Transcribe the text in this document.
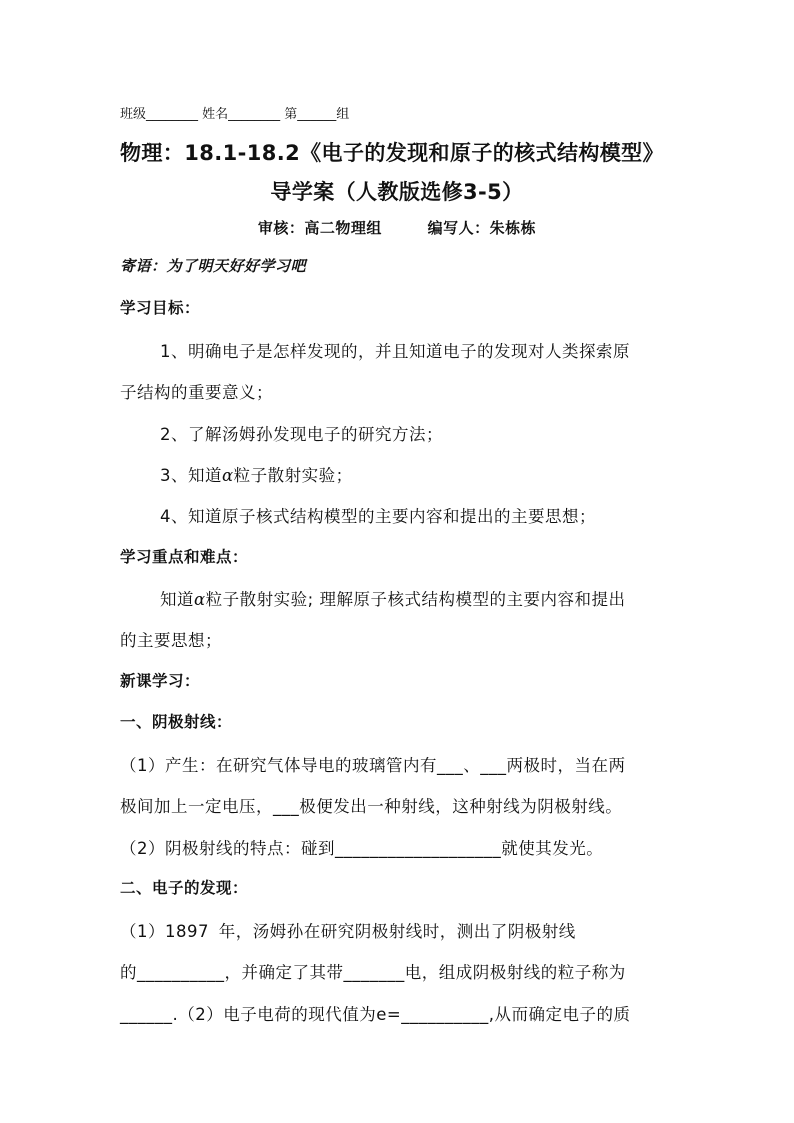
班级________ 姓名________ 第______组
物理：18.1-18.2《电子的发现和原子的核式结构模型》
导学案（人教版选修3-5）
审核：高二物理组        编写人：朱栋栋
寄语：为了明天好好学习吧
学习目标：
1、明确电子是怎样发现的，并且知道电子的发现对人类探索原
子结构的重要意义；
2、了解汤姆孙发现电子的研究方法；
3、知道α粒子散射实验；
4、知道原子核式结构模型的主要内容和提出的主要思想；
学习重点和难点：
知道α粒子散射实验; 理解原子核式结构模型的主要内容和提出
的主要思想；
新课学习：
一、阴极射线：
（1）产生：在研究气体导电的玻璃管内有___、___两极时，当在两
极间加上一定电压，___极便发出一种射线，这种射线为阴极射线。
（2）阴极射线的特点：碰到___________________就使其发光。
二、电子的发现：
（1）1897 年，汤姆孙在研究阴极射线时，测出了阴极射线
的__________，并确定了其带_______电，组成阴极射线的粒子称为
______.（2）电子电荷的现代值为e=__________,从而确定电子的质
